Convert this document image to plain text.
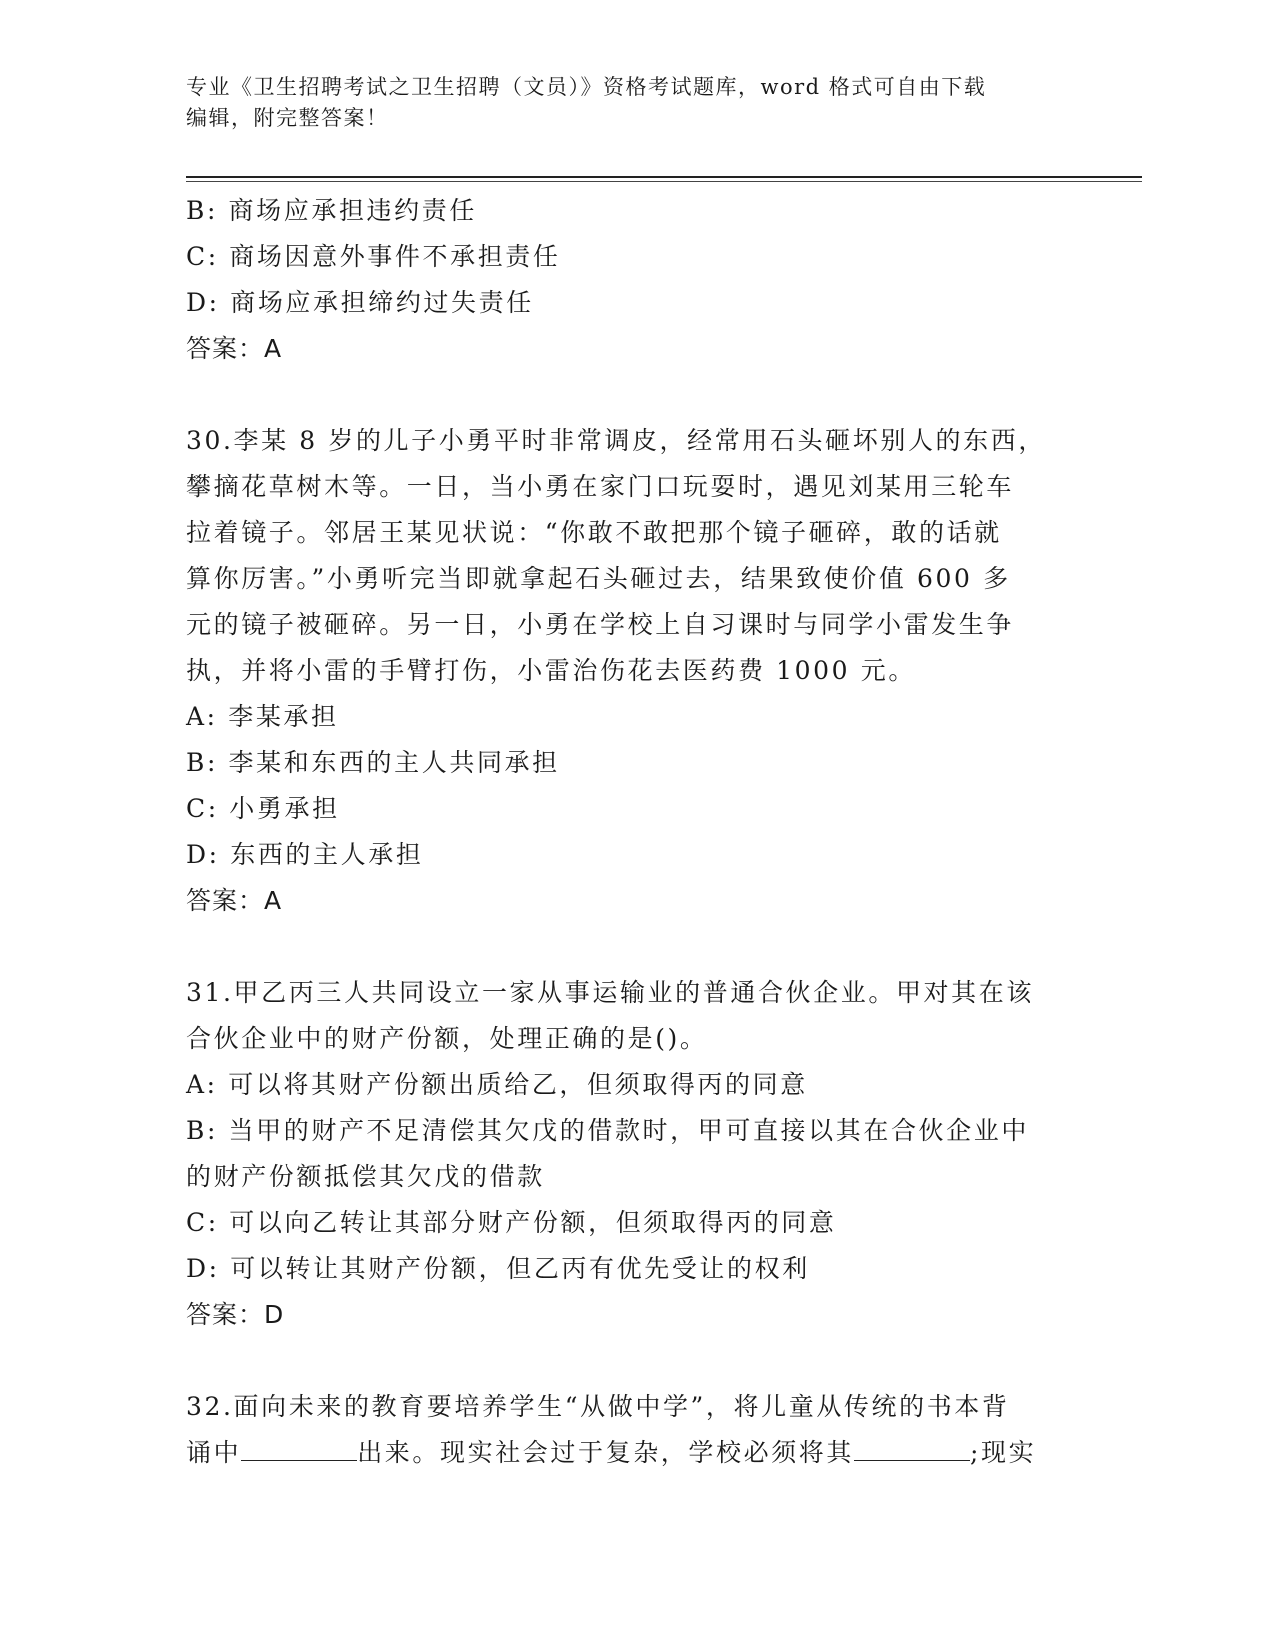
专业《卫生招聘考试之卫生招聘（文员）》资格考试题库，word 格式可自由下载
编辑，附完整答案！
B: 商场应承担违约责任
C: 商场因意外事件不承担责任
D: 商场应承担缔约过失责任
答案：A
30.李某 8 岁的儿子小勇平时非常调皮，经常用石头砸坏别人的东西，
攀摘花草树木等。一日，当小勇在家门口玩耍时，遇见刘某用三轮车
拉着镜子。邻居王某见状说：“你敢不敢把那个镜子砸碎，敢的话就
算你厉害。”小勇听完当即就拿起石头砸过去，结果致使价值 600 多
元的镜子被砸碎。另一日，小勇在学校上自习课时与同学小雷发生争
执，并将小雷的手臂打伤，小雷治伤花去医药费 1000 元。
A: 李某承担
B: 李某和东西的主人共同承担
C: 小勇承担
D: 东西的主人承担
答案：A
31.甲乙丙三人共同设立一家从事运输业的普通合伙企业。甲对其在该
合伙企业中的财产份额，处理正确的是()。
A: 可以将其财产份额出质给乙，但须取得丙的同意
B: 当甲的财产不足清偿其欠戊的借款时，甲可直接以其在合伙企业中
的财产份额抵偿其欠戊的借款
C: 可以向乙转让其部分财产份额，但须取得丙的同意
D: 可以转让其财产份额，但乙丙有优先受让的权利
答案：D
32.面向未来的教育要培养学生“从做中学”，将儿童从传统的书本背
诵中	出来。现实社会过于复杂，学校必须将其	;现实
